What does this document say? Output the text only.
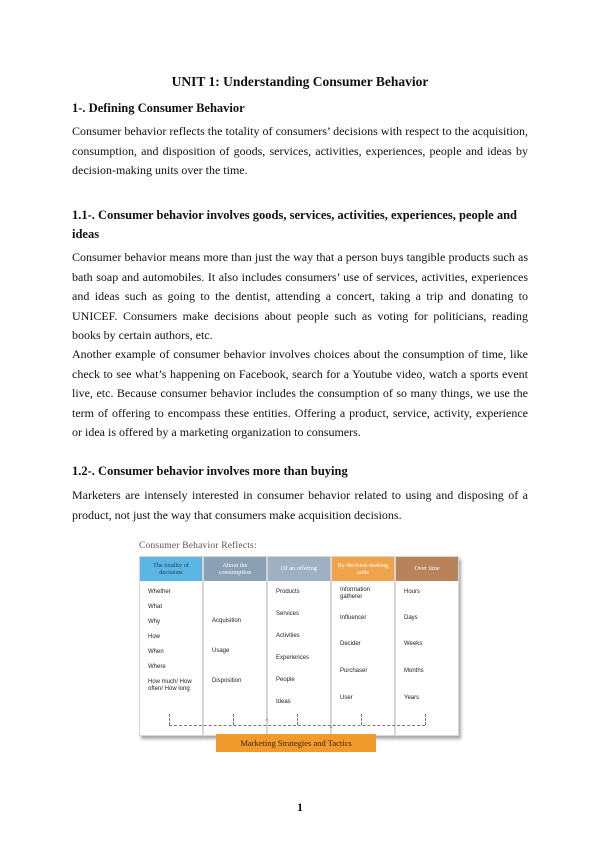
UNIT 1: Understanding Consumer Behavior
1-. Defining Consumer Behavior
Consumer behavior reflects the totality of consumers’ decisions with respect to the acquisition, consumption, and disposition of goods, services, activities, experiences, people and ideas by decision-making units over the time.
1.1-. Consumer behavior involves goods, services, activities, experiences, people and ideas
Consumer behavior means more than just the way that a person buys tangible products such as bath soap and automobiles. It also includes consumers’ use of services, activities, experiences and ideas such as going to the dentist, attending a concert, taking a trip and donating to UNICEF. Consumers make decisions about people such as voting for politicians, reading books by certain authors, etc.
Another example of consumer behavior involves choices about the consumption of time, like check to see what’s happening on Facebook, search for a Youtube video, watch a sports event live, etc. Because consumer behavior includes the consumption of so many things, we use the term of offering to encompass these entities. Offering a product, service, activity, experience or idea is offered by a marketing organization to consumers.
1.2-. Consumer behavior involves more than buying
Marketers are intensely interested in consumer behavior related to using and disposing of a product, not just the way that consumers make acquisition decisions.
Consumer Behavior Reflects:
The totality of decisions
Whether
What
Why
How
When
Where
How much/ How often/ How long
About the consumption
Acquisition
Usage
Disposition
Of an offering
Products
Services
Activities
Experiences
People
Ideas
By decision-making units
Information gatherer
Influencer
Decider
Purchaser
User
Over time
Hours
Days
Weeks
Months
Years
⌃	⌄
Marketing Strategies and Tactics
1
